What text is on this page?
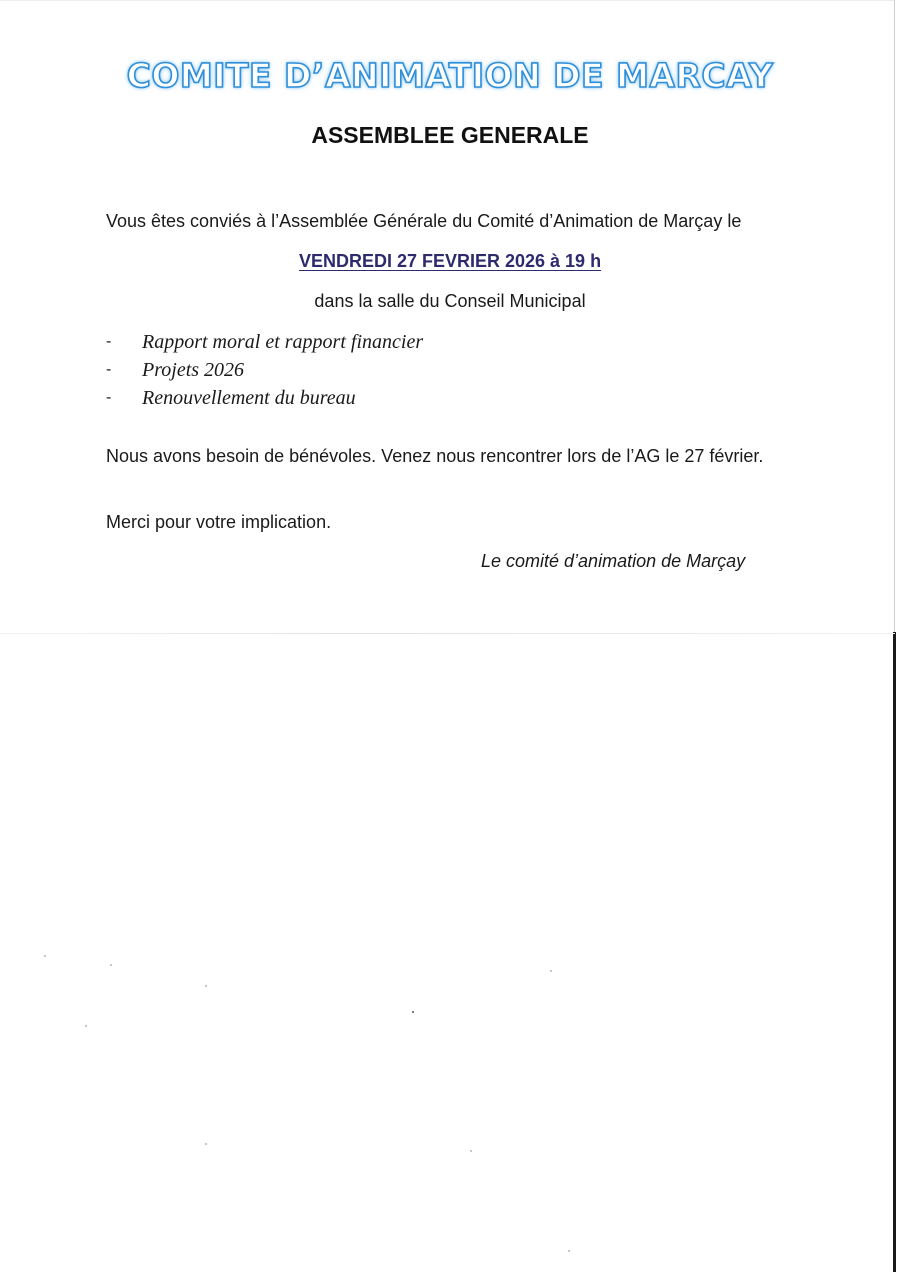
COMITE D’ANIMATION DE MARCAY
ASSEMBLEE GENERALE
Vous êtes conviés à l’Assemblée Générale du Comité d’Animation de Marçay le
VENDREDI 27 FEVRIER 2026 à 19 h
dans la salle du Conseil Municipal
- Rapport moral et rapport financier
- Projets 2026
- Renouvellement du bureau
Nous avons besoin de bénévoles. Venez nous rencontrer lors de l’AG le 27 février.
Merci pour votre implication.
Le comité d’animation de Marçay
